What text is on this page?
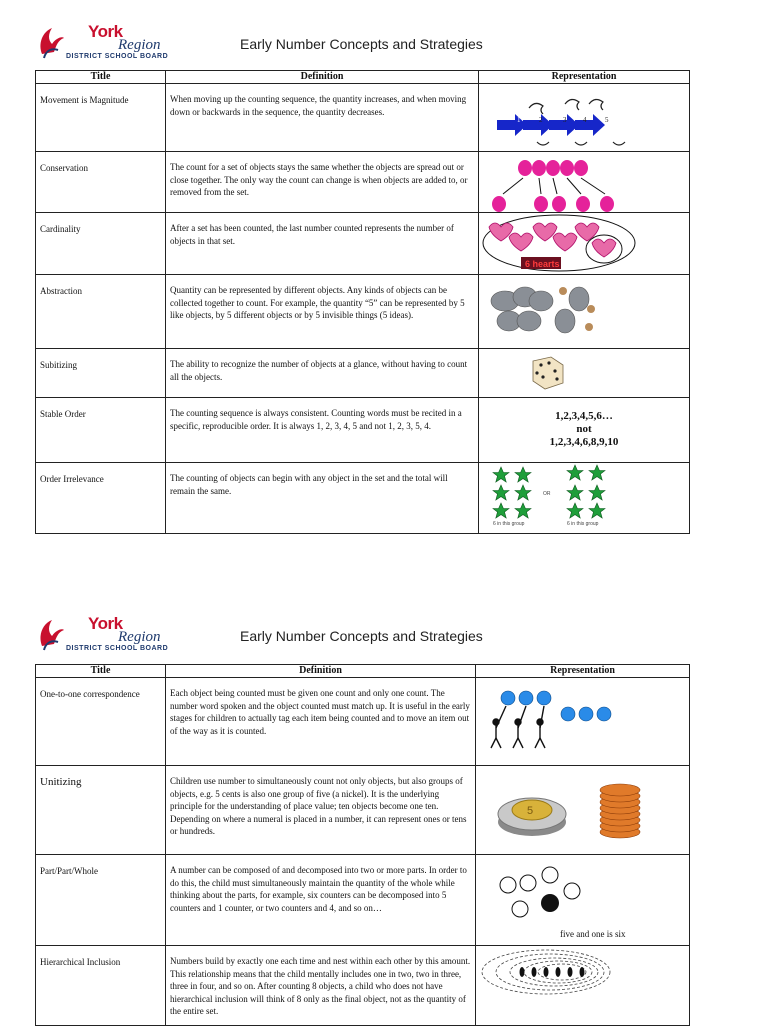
York
Region
DISTRICT SCHOOL BOARD
Early Number Concepts and Strategies
Title	Definition	Representation
Movement is Magnitude	When moving up the counting sequence, the quantity increases, and when moving down or backwards in the sequence, the quantity decreases.	1 2 3 4 5

Conservation	The count for a set of objects stays the same whether the objects are spread out or close together. The only way the count can change is when objects are added to, or removed from the set.	

Cardinality	After a set has been counted, the last number counted represents the number of objects in that set.	6 hearts

Abstraction	Quantity can be represented by different objects. Any kinds of objects can be collected together to count. For example, the quantity “5” can be represented by 5 like objects, by 5 different objects or by 5 invisible things (5 ideas).	

Subitizing	The ability to recognize the number of objects at a glance, without having to count all the objects.	

Stable Order	The counting sequence is always consistent. Counting words must be recited in a specific, reproducible order. It is always 1, 2, 3, 4, 5 and not 1, 2, 3, 5, 4.	1,2,3,4,5,6…
not
1,2,3,4,6,8,9,10

Order Irrelevance	The counting of objects can begin with any object in the set and the total will remain the same.	OR
6 in this group 6 in this group
York
Region
DISTRICT SCHOOL BOARD
Early Number Concepts and Strategies
Title	Definition	Representation
One-to-one correspondence	Each object being counted must be given one count and only one count. The number word spoken and the object counted must match up. It is useful in the early stages for children to actually tag each item being counted and to move an item out of the way as it is counted.	

Unitizing	Children use number to simultaneously count not only objects, but also groups of objects, e.g. 5 cents is also one group of five (a nickel). It is the underlying principle for the understanding of place value; ten objects become one ten. Depending on where a numeral is placed in a number, it can represent ones or tens or hundreds.	5

Part/Part/Whole	A number can be composed of and decomposed into two or more parts. In order to do this, the child must simultaneously maintain the quantity of the whole while thinking about the parts, for example, six counters can be decomposed into 5 counters and 1 counter, or two counters and 4, and so on…	five and one is six

Hierarchical Inclusion	Numbers build by exactly one each time and nest within each other by this amount. This relationship means that the child mentally includes one in two, two in three, three in four, and so on. After counting 8 objects, a child who does not have hierarchical inclusion will think of 8 only as the final object, not as the quantity of the entire set.	
